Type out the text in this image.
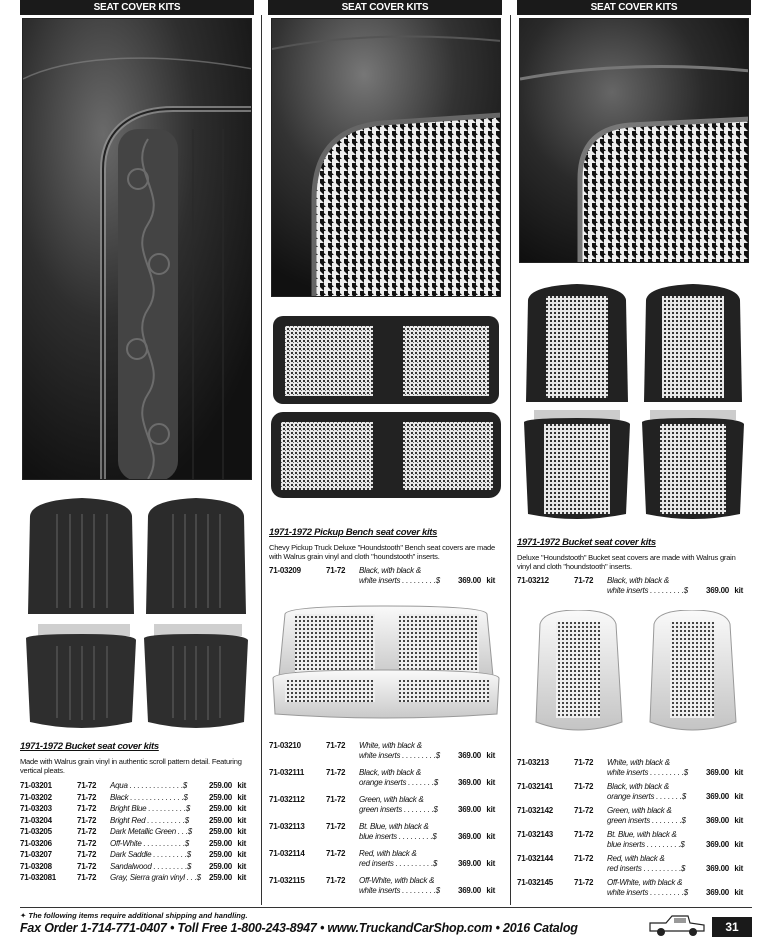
SEAT COVER KITS
1971-1972 Bucket seat cover kits
Made with Walrus grain vinyl in authentic scroll pattern detail. Featuring vertical pleats.
71-03201	71-72 Aqua . . . . . . . . . . . . . .$	259.00 kit
71-03202	71-72 Black . . . . . . . . . . . . . .$	259.00 kit
71-03203	71-72 Bright Blue . . . . . . . . . .$ 259.00 kit
71-03204	71-72 Bright Red . . . . . . . . . .$	259.00 kit
71-03205	71-72 Dark Metallic Green . . .$ 259.00 kit
71-03206	71-72 Off-White . . . . . . . . . . .$ 259.00 kit
71-03207	71-72 Dark Saddle . . . . . . . . .$ 259.00 kit
71-03208	71-72 Sandalwood . . . . . . . . .$ 259.00 kit
71-032081	71-72 Gray, Sierra grain vinyl . . .$ 259.00 kit
SEAT COVER KITS
1971-1972 Pickup Bench seat cover kits
Chevy Pickup Truck Deluxe "Houndstooth" Bench seat covers are made with Walrus grain vinyl and cloth "houndstooth" inserts.
71-03209	71-72 Black, with black &
white inserts . . . . . . . . .$ 369.00 kit
71-03210	71-72 White, with black &
white inserts . . . . . . . . .$ 369.00 kit
71-032111	71-72 Black, with black &
orange inserts . . . . . . .$	369.00 kit
71-032112	71-72 Green, with black &
green inserts . . . . . . . .$	369.00 kit
71-032113	71-72 Bt. Blue, with black &
blue inserts . . . . . . . . .$	369.00 kit
71-032114	71-72 Red, with black &
red inserts . . . . . . . . . .$	369.00 kit
71-032115	71-72 Off-White, with black &
white inserts . . . . . . . . .$ 369.00 kit
SEAT COVER KITS
1971-1972 Bucket seat cover kits
Deluxe "Houndstooth" Bucket seat covers are made with Walrus grain vinyl and cloth "houndstooth" inserts.
71-03212	71-72 Black, with black &
white inserts . . . . . . . . .$ 369.00 kit
71-03213	71-72 White, with black &
white inserts . . . . . . . . .$ 369.00 kit
71-032141	71-72 Black, with black &
orange inserts . . . . . . .$	369.00 kit
71-032142	71-72 Green, with black &
green inserts . . . . . . . .$	369.00 kit
71-032143	71-72 Bt. Blue, with black &
blue inserts . . . . . . . . .$	369.00 kit
71-032144	71-72 Red, with black &
red inserts . . . . . . . . . .$	369.00 kit
71-032145	71-72 Off-White, with black &
white inserts . . . . . . . . .$ 369.00 kit
✦ The following items require additional shipping and handling.
Fax Order 1-714-771-0407 • Toll Free 1-800-243-8947 • www.TruckandCarShop.com • 2016 Catalog	31
